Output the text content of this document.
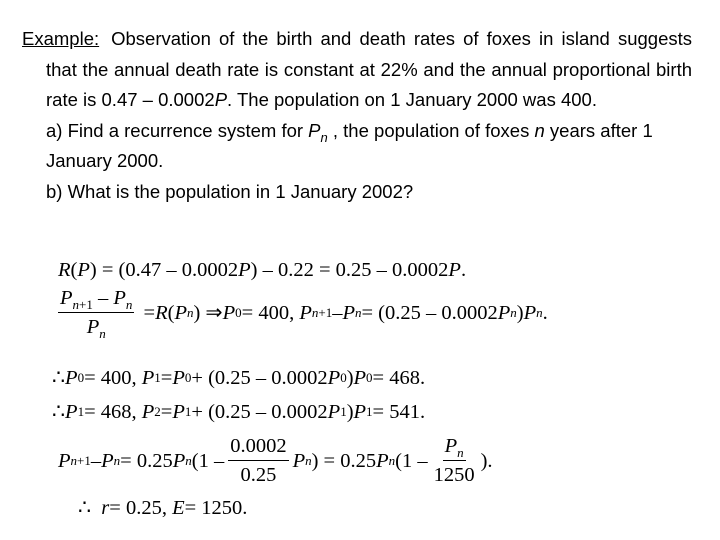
Example: Observation of the birth and death rates of foxes in island suggests that the annual death rate is constant at 22% and the annual proportional birth rate is 0.47 – 0.0002P. The population on 1 January 2000 was 400.

a) Find a recurrence system for $P_n$ , the population of foxes n years after 1 January 2000.

b) What is the population in 1 January 2002?

R ( P ) = (0.47 – 0.0002 P ) – 0.22 = 0.25 – 0.0002 P .
$\frac{P_{n+1} - P_n}{P_n} = R$ ( P n ) ⇒ P 0 = 400, P n+1 – P n = (0.25 – 0.0002 P n ) P n .
∴ P 0 = 400, P 1 = P 0 + (0.25 – 0.0002 P 0 ) P 0 = 468.
∴ P 1 = 468, P 2 = P 1 + (0.25 – 0.0002 P 1 ) P 1 = 541.
P n+1 – P n = 0.25 P n ($1 - \frac{0.0002}{0.25}$ P n ) = 0.25 P n ($1 - \frac{P_n}{1250}$ ).
∴ r = 0.25, E = 1250.
